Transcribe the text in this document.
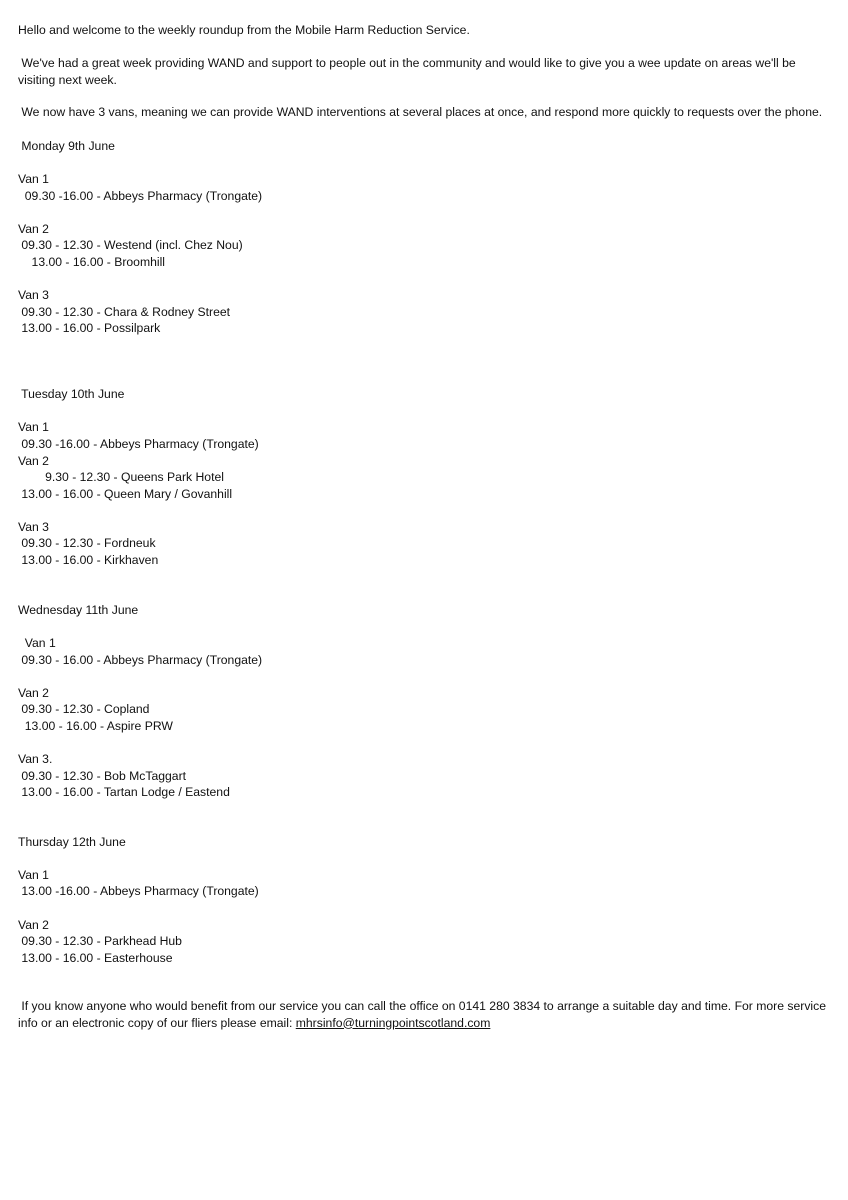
Hello and welcome to the weekly roundup from the Mobile Harm Reduction Service.
We've had a great week providing WAND and support to people out in the community and would like to give you a wee update on areas we'll be visiting next week.
We now have 3 vans, meaning we can provide WAND interventions at several places at once, and respond more quickly to requests over the phone.
Monday 9th June
Van 1
09.30 -16.00 - Abbeys Pharmacy (Trongate)
Van 2
09.30 - 12.30 - Westend (incl. Chez Nou)
13.00 - 16.00 - Broomhill
Van 3
09.30 - 12.30 - Chara & Rodney Street
13.00 - 16.00 - Possilpark
Tuesday 10th June
Van 1
09.30 -16.00 - Abbeys Pharmacy (Trongate)
Van 2
9.30 - 12.30 - Queens Park Hotel
13.00 - 16.00 - Queen Mary / Govanhill
Van 3
09.30 - 12.30 - Fordneuk
13.00 - 16.00 - Kirkhaven
Wednesday 11th June
Van 1
09.30 - 16.00 - Abbeys Pharmacy (Trongate)
Van 2
09.30 - 12.30 - Copland
13.00 - 16.00 - Aspire PRW
Van 3.
09.30 - 12.30 - Bob McTaggart
13.00 - 16.00 - Tartan Lodge / Eastend
Thursday 12th June
Van 1
13.00 -16.00 - Abbeys Pharmacy (Trongate)
Van 2
09.30 - 12.30 - Parkhead Hub
13.00 - 16.00 - Easterhouse
If you know anyone who would benefit from our service you can call the office on 0141 280 3834 to arrange a suitable day and time. For more service info or an electronic copy of our fliers please email: mhrsinfo@turningpointscotland.com
